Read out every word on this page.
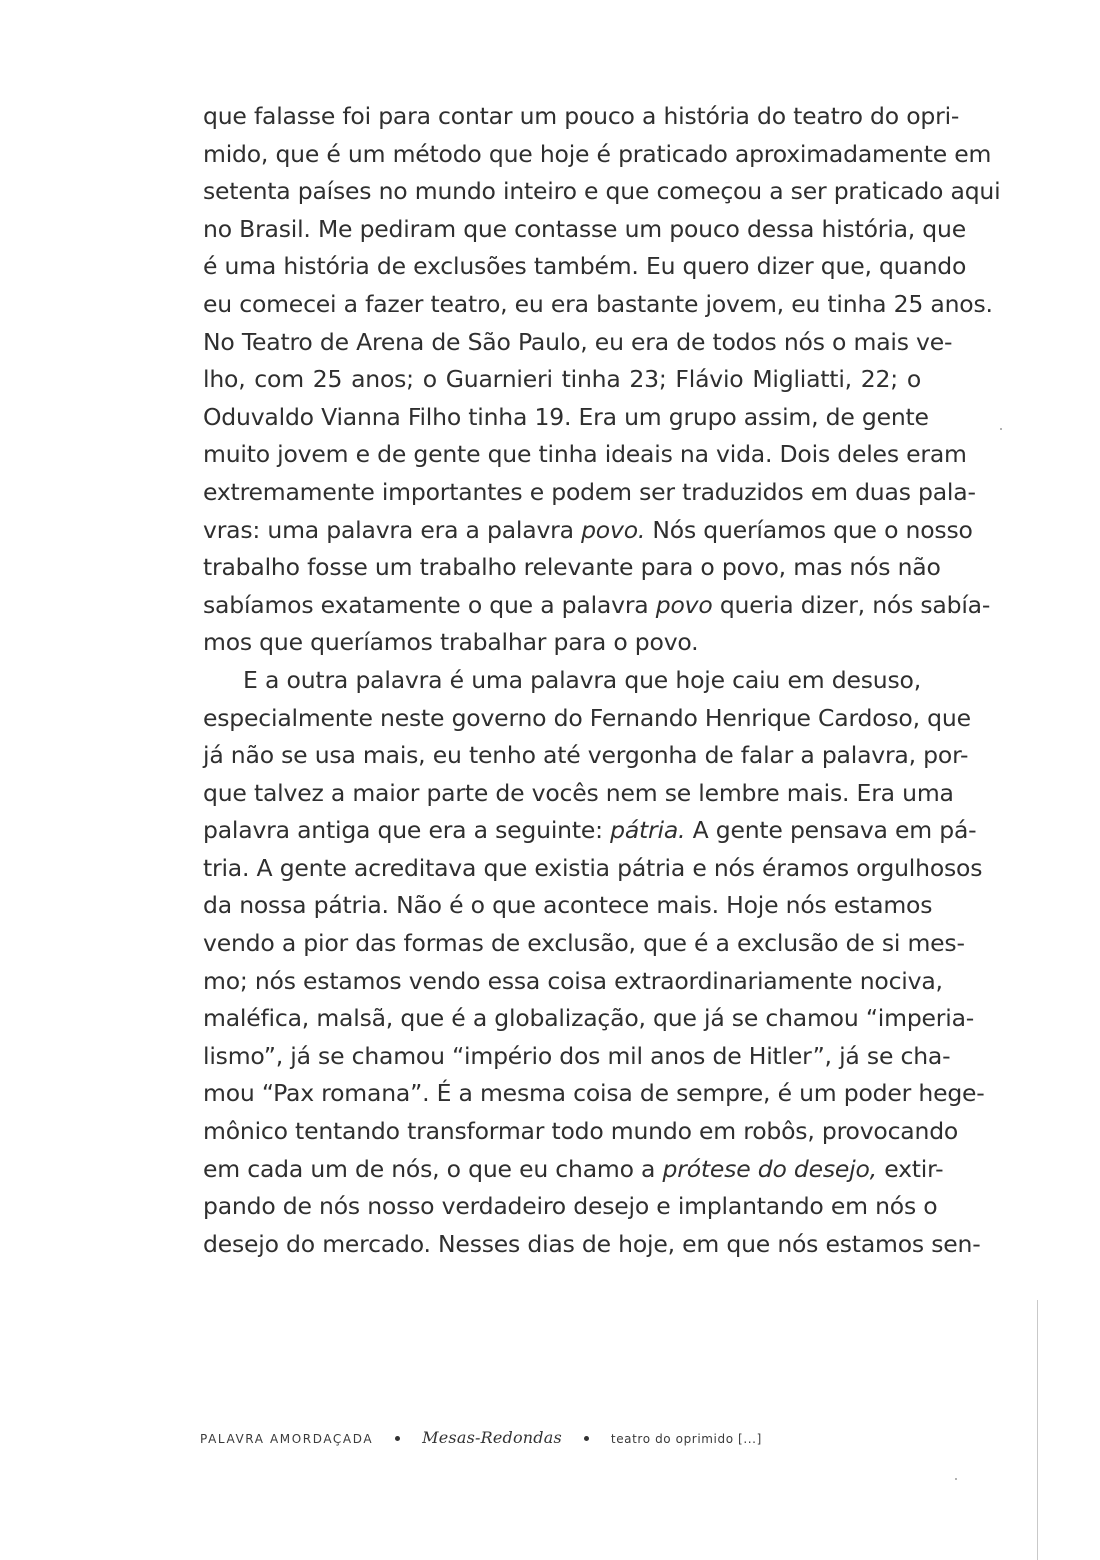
que falasse foi para contar um pouco a história do teatro do opri-
mido, que é um método que hoje é praticado aproximadamente em
setenta países no mundo inteiro e que começou a ser praticado aqui
no Brasil. Me pediram que contasse um pouco dessa história, que
é uma história de exclusões também. Eu quero dizer que, quando
eu comecei a fazer teatro, eu era bastante jovem, eu tinha 25 anos.
No Teatro de Arena de São Paulo, eu era de todos nós o mais ve-
lho, com 25 anos; o Guarnieri tinha 23; Flávio Migliatti, 22; o
Oduvaldo Vianna Filho tinha 19. Era um grupo assim, de gente
muito jovem e de gente que tinha ideais na vida. Dois deles eram
extremamente importantes e podem ser traduzidos em duas pala-
vras: uma palavra era a palavra povo. Nós queríamos que o nosso
trabalho fosse um trabalho relevante para o povo, mas nós não
sabíamos exatamente o que a palavra povo queria dizer, nós sabía-
mos que queríamos trabalhar para o povo.
E a outra palavra é uma palavra que hoje caiu em desuso,
especialmente neste governo do Fernando Henrique Cardoso, que
já não se usa mais, eu tenho até vergonha de falar a palavra, por-
que talvez a maior parte de vocês nem se lembre mais. Era uma
palavra antiga que era a seguinte: pátria. A gente pensava em pá-
tria. A gente acreditava que existia pátria e nós éramos orgulhosos
da nossa pátria. Não é o que acontece mais. Hoje nós estamos
vendo a pior das formas de exclusão, que é a exclusão de si mes-
mo; nós estamos vendo essa coisa extraordinariamente nociva,
maléfica, malsã, que é a globalização, que já se chamou “imperia-
lismo”, já se chamou “império dos mil anos de Hitler”, já se cha-
mou “Pax romana”. É a mesma coisa de sempre, é um poder hege-
mônico tentando transformar todo mundo em robôs, provocando
em cada um de nós, o que eu chamo a prótese do desejo, extir-
pando de nós nosso verdadeiro desejo e implantando em nós o
desejo do mercado. Nesses dias de hoje, em que nós estamos sen-
PALAVRA AMORDAÇADA	Mesas-Redondas	teatro do oprimido [...]
